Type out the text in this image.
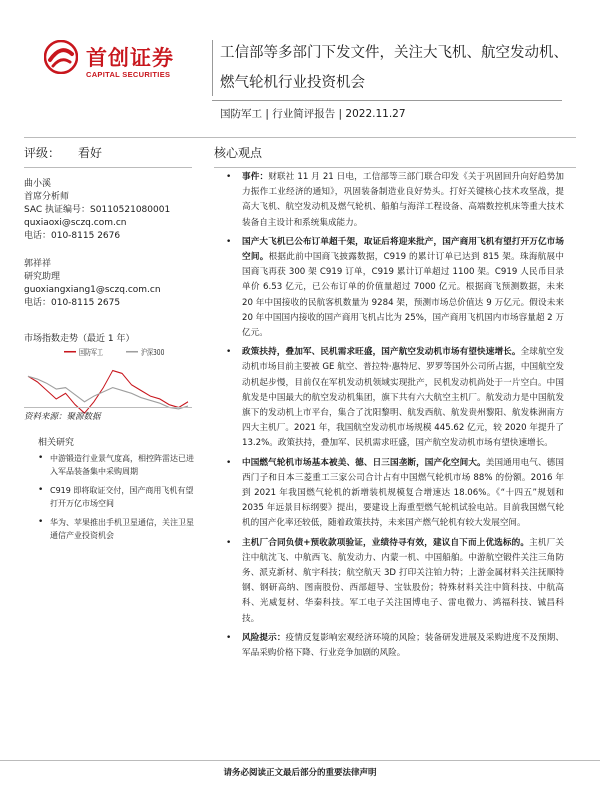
首创证券
CAPITAL SECURITIES
工信部等多部门下发文件，关注大飞机、航空发动机、
燃气轮机行业投资机会
国防军工 | 行业简评报告 | 2022.11.27
评级： 看好
曲小溪
首席分析师
SAC 执证编号：S0110521080001
quxiaoxi@sczq.com.cn
电话：010-8115 2676
郭祥祥
研究助理
guoxiangxiang1@sczq.com.cn
电话：010-8115 2675
市场指数走势（最近 1 年）
国防军工	沪深300
资料来源：聚源数据
相关研究
• 中游锻造行业景气度高，相控阵雷达已进入军品装备集中采购周期
• C919 即将取证交付，国产商用飞机有望打开万亿市场空间
• 华为、苹果推出手机卫星通信，关注卫星通信产业投资机会
核心观点
• 事件：财联社 11 月 21 日电，工信部等三部门联合印发《关于巩固回升向好趋势加力振作工业经济的通知》，巩固装备制造业良好势头。打好关键核心技术攻坚战，提高大飞机、航空发动机及燃气轮机、船舶与海洋工程设备、高端数控机床等重大技术装备自主设计和系统集成能力。
• 国产大飞机已公布订单超千架，取证后将迎来批产，国产商用飞机有望打开万亿市场空间。根据此前中国商飞披露数据，C919 的累计订单已达到 815 架。珠海航展中国商飞再获 300 架 C919 订单，C919 累计订单超过 1100 架。C919 人民币目录单价 6.53 亿元，已公布订单的价值量超过 7000 亿元。根据商飞预测数据，未来 20 年中国接收的民航客机数量为 9284 架，预测市场总价值达 9 万亿元。假设未来 20 年中国国内接收的国产商用飞机占比为 25%，国产商用飞机国内市场容量超 2 万亿元。
• 政策扶持，叠加军、民机需求旺盛，国产航空发动机市场有望快速增长。全球航空发动机市场目前主要被 GE 航空、普拉特·惠特尼、罗罗等国外公司所占据，中国航空发动机起步慢，目前仅在军机发动机领域实现批产，民机发动机尚处于一片空白。中国航发是中国最大的航空发动机集团，旗下共有六大航空主机厂。航发动力是中国航发旗下的发动机上市平台，集合了沈阳黎明、航发西航、航发贵州黎阳、航发株洲南方四大主机厂。2021 年，我国航空发动机市场规模 445.62 亿元，较 2020 年提升了 13.2%。政策扶持，叠加军、民机需求旺盛，国产航空发动机市场有望快速增长。
• 中国燃气轮机市场基本被美、德、日三国垄断，国产化空间大。美国通用电气、德国西门子和日本三菱重工三家公司合计占有中国燃气轮机市场 88% 的份额。2016 年到 2021 年我国燃气轮机的新增装机规模复合增速达 18.06%。《“十四五”规划和 2035 年远景目标纲要》提出，要建设上海重型燃气轮机试验电站。目前我国燃气轮机的国产化率还较低，随着政策扶持，未来国产燃气轮机有较大发展空间。
• 主机厂合同负债+预收款项验证，业绩待寻有效，建议自下而上优选标的。主机厂关注中航沈飞、中航西飞、航发动力、内蒙一机、中国船舶。中游航空锻件关注三角防务、派克新材、航宇科技；航空航天 3D 打印关注铂力特；上游金属材料关注抚顺特钢、钢研高纳、图南股份、西部超导、宝钛股份；特殊材料关注中简科技、中航高科、光威复材、华秦科技。军工电子关注国博电子、雷电微力、鸿福科技、铖昌科技。
• 风险提示：疫情反复影响宏观经济环境的风险；装备研发进展及采购进度不及预期、军品采购价格下降、行业竞争加剧的风险。
请务必阅读正文最后部分的重要法律声明
